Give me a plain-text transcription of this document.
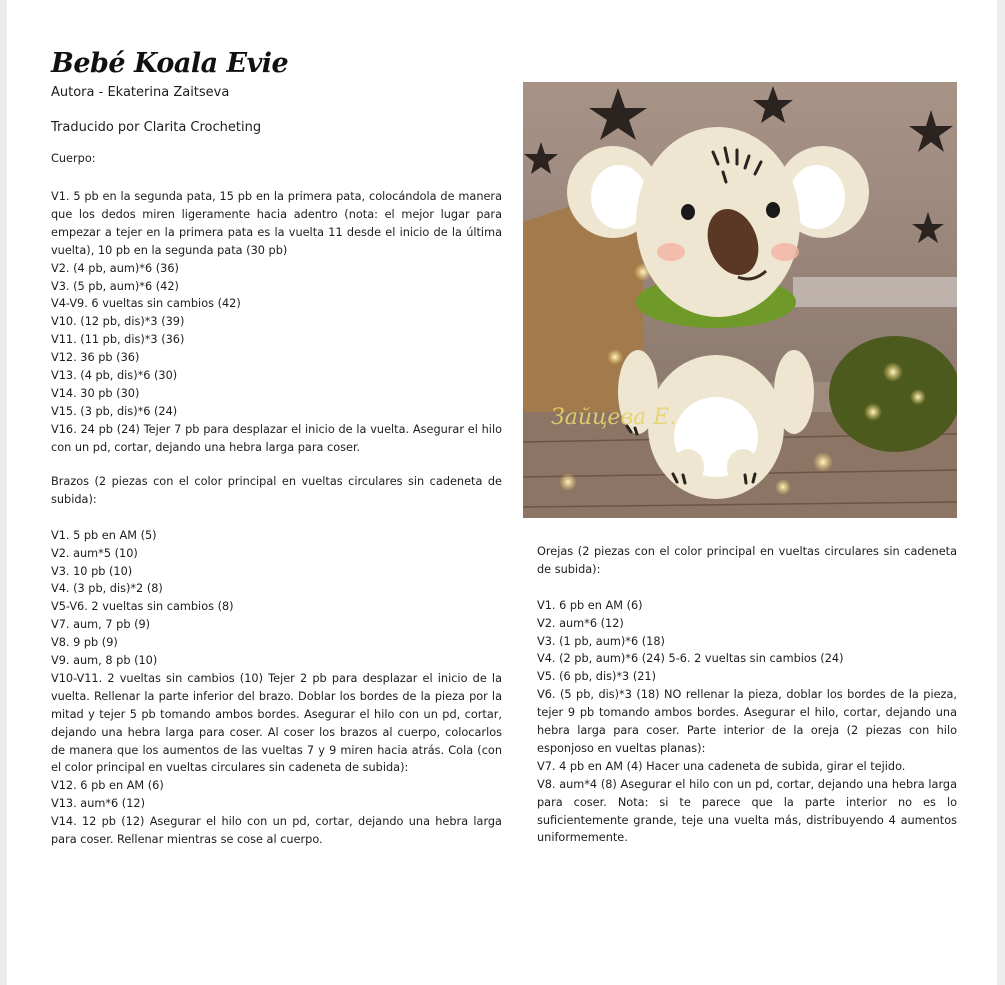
Bebé Koala Evie
Autora - Ekaterina Zaitseva
Traducido por Clarita Crocheting
Cuerpo:

V1. 5 pb en la segunda pata, 15 pb en la primera pata, colocándola de manera que los dedos miren ligeramente hacia adentro (nota: el mejor lugar para empezar a tejer en la primera pata es la vuelta 11 desde el inicio de la última vuelta), 10 pb en la segunda pata (30 pb)

V2. (4 pb, aum)*6 (36)

V3. (5 pb, aum)*6 (42)

V4-V9. 6 vueltas sin cambios (42)

V10. (12 pb, dis)*3 (39)

V11. (11 pb, dis)*3 (36)

V12. 36 pb (36)

V13. (4 pb, dis)*6 (30)

V14. 30 pb (30)

V15. (3 pb, dis)*6 (24)

V16. 24 pb (24) Tejer 7 pb para desplazar el inicio de la vuelta. Asegurar el hilo con un pd, cortar, dejando una hebra larga para coser.

Brazos (2 piezas con el color principal en vueltas circulares sin cadeneta de subida):

V1. 5 pb en AM (5)

V2. aum*5 (10)

V3. 10 pb (10)

V4. (3 pb, dis)*2 (8)

V5-V6. 2 vueltas sin cambios (8)

V7. aum, 7 pb (9)

V8. 9 pb (9)

V9. aum, 8 pb (10)

V10-V11. 2 vueltas sin cambios (10) Tejer 2 pb para desplazar el inicio de la vuelta. Rellenar la parte inferior del brazo. Doblar los bordes de la pieza por la mitad y tejer 5 pb tomando ambos bordes. Asegurar el hilo con un pd, cortar, dejando una hebra larga para coser. Al coser los brazos al cuerpo, colocarlos de manera que los aumentos de las vueltas 7 y 9 miren hacia atrás. Cola (con el color principal en vueltas circulares sin cadeneta de subida):

V12. 6 pb en AM (6)

V13. aum*6 (12)

V14. 12 pb (12) Asegurar el hilo con un pd, cortar, dejando una hebra larga para coser. Rellenar mientras se cose al cuerpo.

Orejas (2 piezas con el color principal en vueltas circulares sin cadeneta de subida):

V1. 6 pb en AM (6)

V2. aum*6 (12)

V3. (1 pb, aum)*6 (18)

V4. (2 pb, aum)*6 (24) 5-6. 2 vueltas sin cambios (24)

V5. (6 pb, dis)*3 (21)

V6. (5 pb, dis)*3 (18) NO rellenar la pieza, doblar los bordes de la pieza, tejer 9 pb tomando ambos bordes. Asegurar el hilo, cortar, dejando una hebra larga para coser. Parte interior de la oreja (2 piezas con hilo esponjoso en vueltas planas):

V7. 4 pb en AM (4) Hacer una cadeneta de subida, girar el tejido.

V8. aum*4 (8) Asegurar el hilo con un pd, cortar, dejando una hebra larga para coser. Nota: si te parece que la parte interior no es lo suficientemente grande, teje una vuelta más, distribuyendo 4 aumentos uniformemente.

Зайцева Е.
